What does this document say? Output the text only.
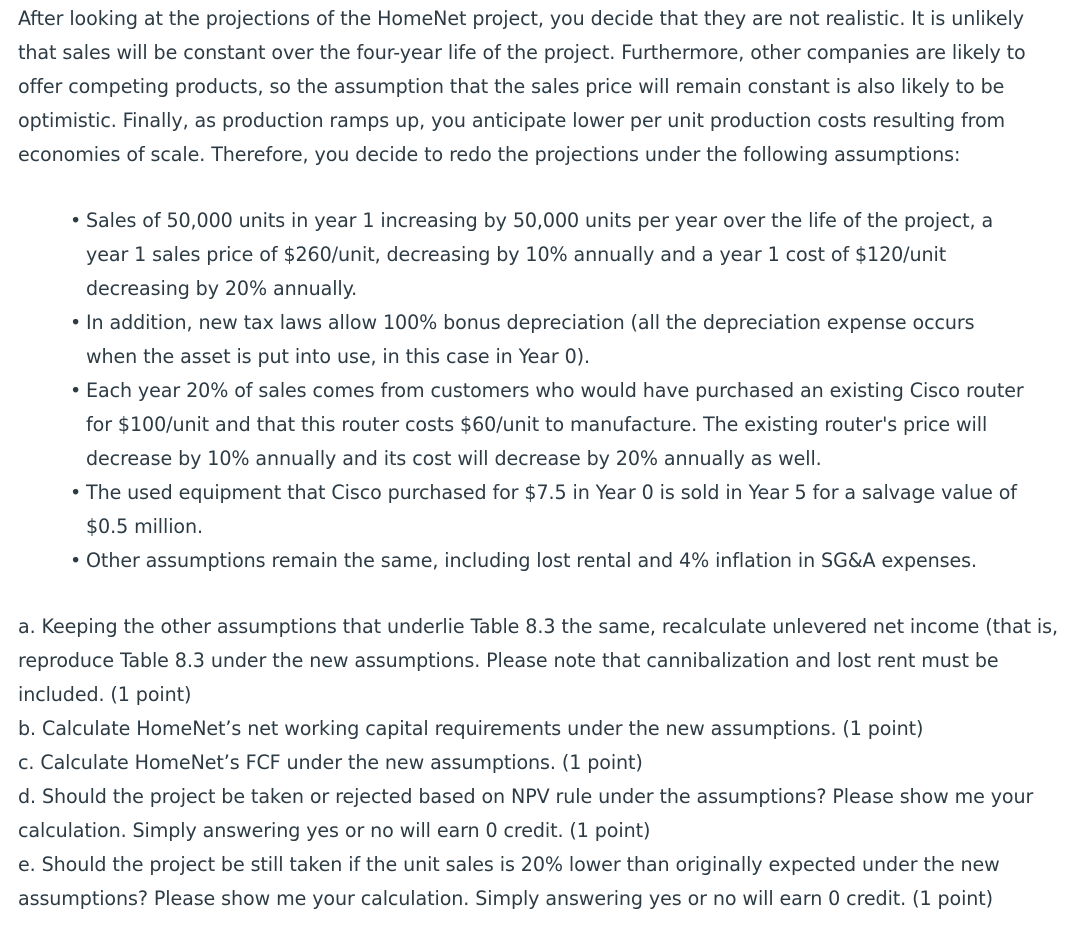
After looking at the projections of the HomeNet project, you decide that they are not realistic. It is unlikely that sales will be constant over the four-year life of the project. Furthermore, other companies are likely to offer competing products, so the assumption that the sales price will remain constant is also likely to be optimistic. Finally, as production ramps up, you anticipate lower per unit production costs resulting from economies of scale. Therefore, you decide to redo the projections under the following assumptions:

• Sales of 50,000 units in year 1 increasing by 50,000 units per year over the life of the project, a year 1 sales price of $260/unit, decreasing by 10% annually and a year 1 cost of $120/unit decreasing by 20% annually.
• In addition, new tax laws allow 100% bonus depreciation (all the depreciation expense occurs when the asset is put into use, in this case in Year 0).
• Each year 20% of sales comes from customers who would have purchased an existing Cisco router for $100/unit and that this router costs $60/unit to manufacture. The existing router's price will decrease by 10% annually and its cost will decrease by 20% annually as well.
• The used equipment that Cisco purchased for $7.5 in Year 0 is sold in Year 5 for a salvage value of $0.5 million.
• Other assumptions remain the same, including lost rental and 4% inflation in SG&A expenses.

a. Keeping the other assumptions that underlie Table 8.3 the same, recalculate unlevered net income (that is, reproduce Table 8.3 under the new assumptions. Please note that cannibalization and lost rent must be included. (1 point)

b. Calculate HomeNet’s net working capital requirements under the new assumptions. (1 point)

c. Calculate HomeNet’s FCF under the new assumptions. (1 point)

d. Should the project be taken or rejected based on NPV rule under the assumptions? Please show me your calculation. Simply answering yes or no will earn 0 credit. (1 point)

e. Should the project be still taken if the unit sales is 20% lower than originally expected under the new assumptions? Please show me your calculation. Simply answering yes or no will earn 0 credit. (1 point)
